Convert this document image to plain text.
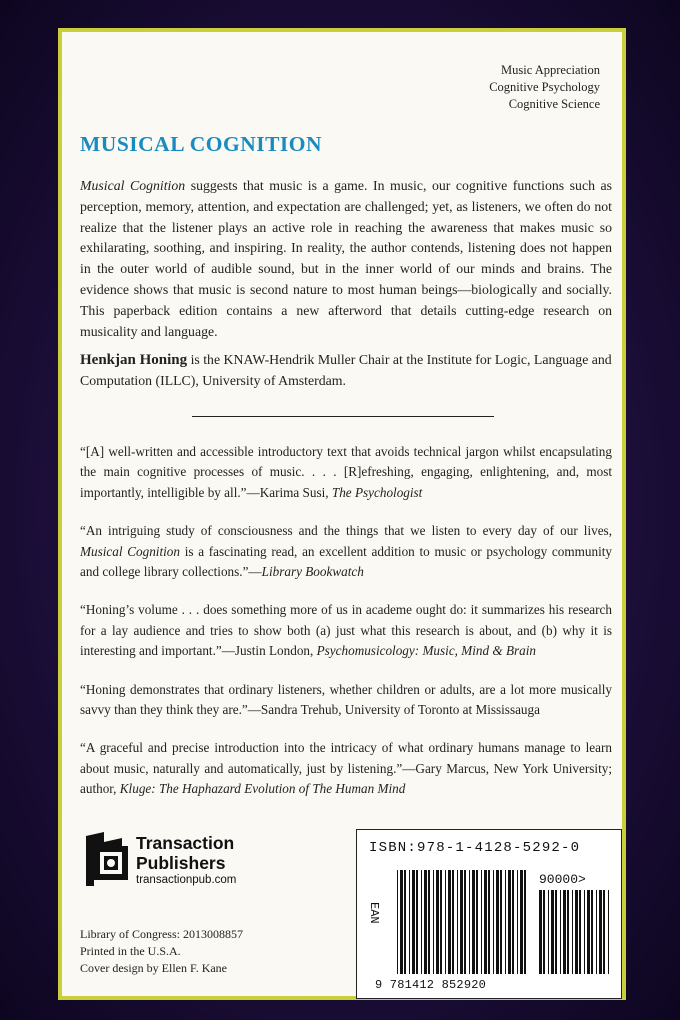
Music Appreciation
Cognitive Psychology
Cognitive Science
MUSICAL COGNITION

Musical Cognition suggests that music is a game. In music, our cognitive functions such as perception, memory, attention, and expectation are challenged; yet, as listeners, we often do not realize that the listener plays an active role in reaching the awareness that makes music so exhilarating, soothing, and inspiring. In reality, the author contends, listening does not happen in the outer world of audible sound, but in the inner world of our minds and brains. The evidence shows that music is second nature to most human beings—biologically and socially. This paperback edition contains a new afterword that details cutting-edge research on musicality and language.

Henkjan Honing is the KNAW-Hendrik Muller Chair at the Institute for Logic, Language and Computation (ILLC), University of Amsterdam.

“[A] well-written and accessible introductory text that avoids technical jargon whilst encapsulating the main cognitive processes of music. . . . [R]efreshing, engaging, enlightening, and, most importantly, intelligible by all.”—Karima Susi, The Psychologist

“An intriguing study of consciousness and the things that we listen to every day of our lives, Musical Cognition is a fascinating read, an excellent addition to music or psychology community and college library collections.”—Library Bookwatch

“Honing’s volume . . . does something more of us in academe ought do: it summarizes his research for a lay audience and tries to show both (a) just what this research is about, and (b) why it is interesting and important.”—Justin London, Psychomusicology: Music, Mind & Brain

“Honing demonstrates that ordinary listeners, whether children or adults, are a lot more musically savvy than they think they are.”—Sandra Trehub, University of Toronto at Mississauga

“A graceful and precise introduction into the intricacy of what ordinary humans manage to learn about music, naturally and automatically, just by listening.”—Gary Marcus, New York University; author, Kluge: The Haphazard Evolution of The Human Mind

Transaction
Publishers
transactionpub.com
ISBN:978-1-4128-5292-0
90000>
EAN
9 781412 852920
Library of Congress: 2013008857
Printed in the U.S.A.
Cover design by Ellen F. Kane
